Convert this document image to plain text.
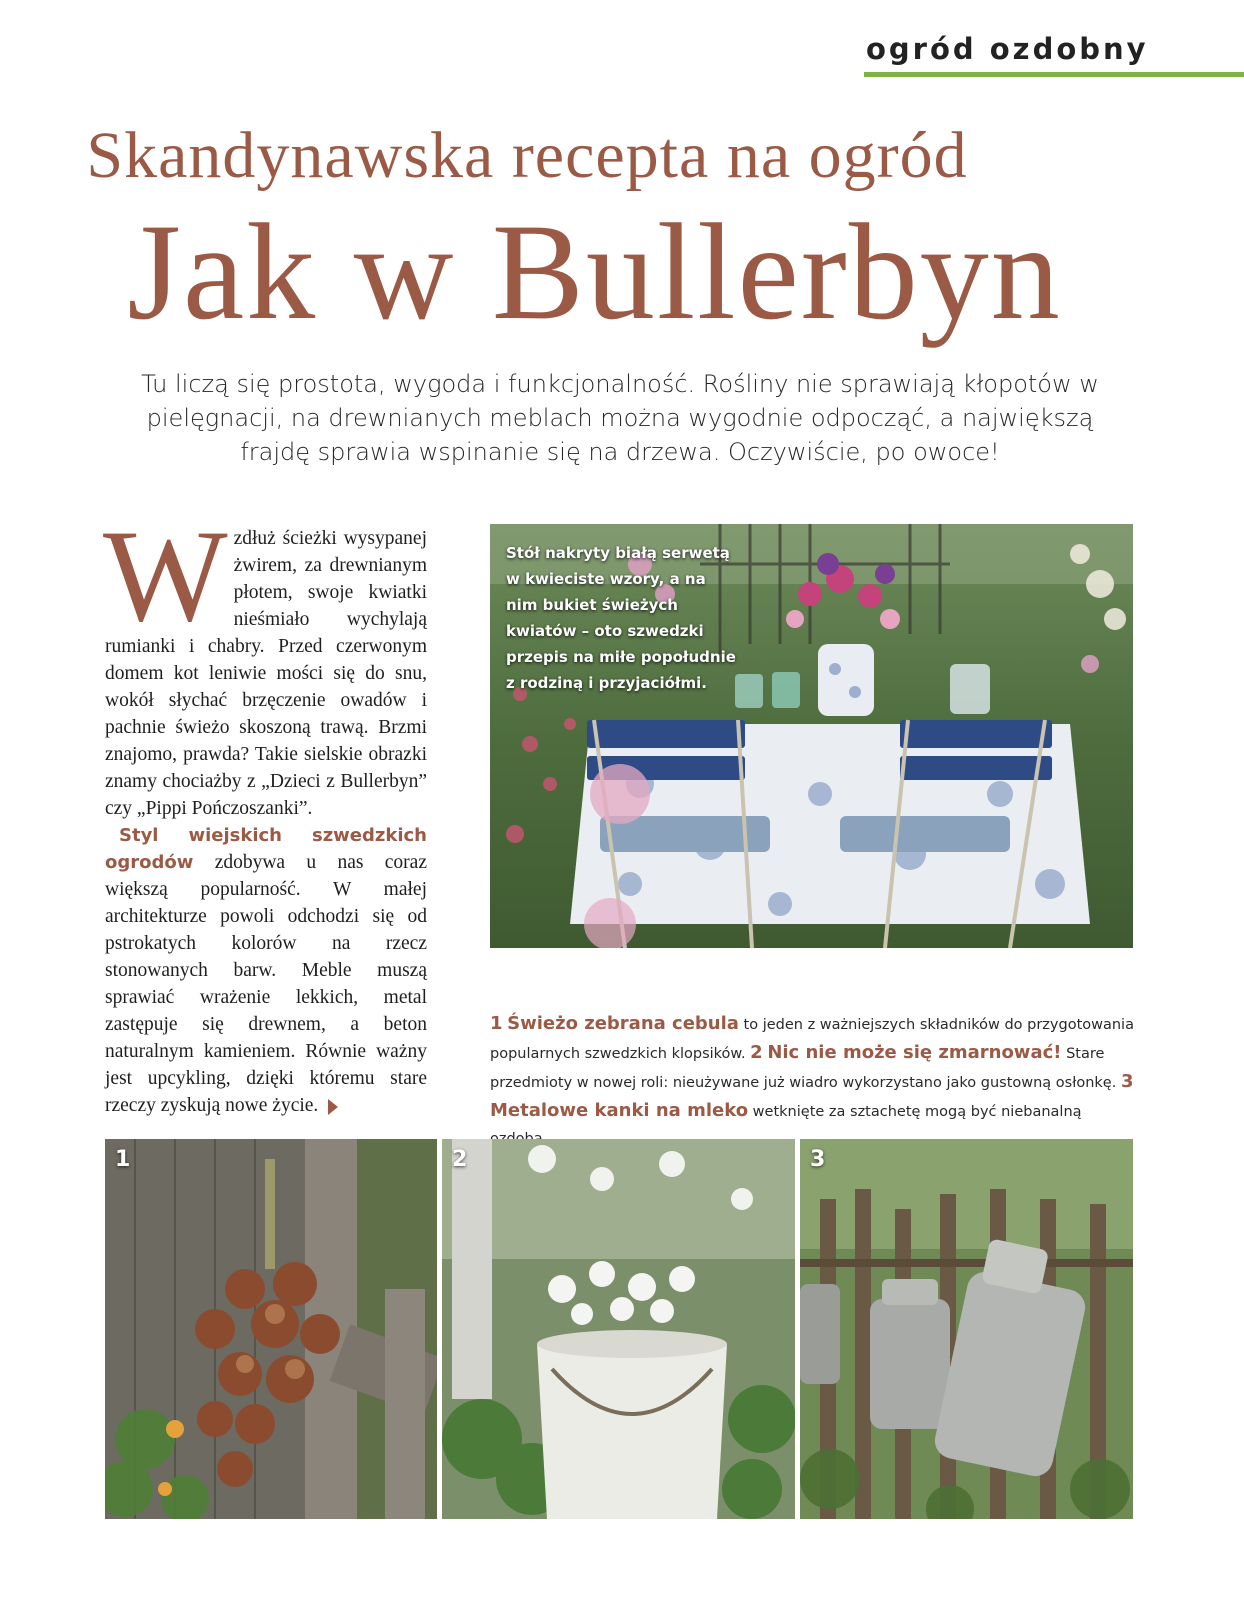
ogród ozdobny
Skandynawska recepta na ogród
Jak w Bullerbyn
Tu liczą się prostota, wygoda i funkcjonalność. Rośliny nie sprawiają kłopotów w pielęgnacji, na drewnianych meblach można wygodnie odpocząć, a największą frajdę sprawia wspinanie się na drzewa. Oczywiście, po owoce!
Wzdłuż ścieżki wysypanej żwirem, za drewnianym płotem, swoje kwiatki nieśmiało wychylają rumianki i chabry. Przed czerwonym domem kot leniwie mości się do snu, wokół słychać brzęczenie owadów i pachnie świeżo skoszoną trawą. Brzmi znajomo, prawda? Takie sielskie obrazki znamy chociażby z „Dzieci z Bullerbyn” czy „Pippi Pończoszanki”.
Styl wiejskich szwedzkich ogrodów zdobywa u nas coraz większą popularność. W małej architekturze powoli odchodzi się od pstrokatych kolorów na rzecz stonowanych barw. Meble muszą sprawiać wrażenie lekkich, metal zastępuje się drewnem, a beton naturalnym kamieniem. Równie ważny jest upcykling, dzięki któremu stare rzeczy zyskują nowe życie.
Stół nakryty białą serwetą w kwieciste wzory, a na nim bukiet świeżych kwiatów – oto szwedzki przepis na miłe popołudnie z rodziną i przyjaciółmi.
1 Świeżo zebrana cebula to jeden z ważniejszych składników do przygotowania popularnych szwedzkich klopsików. 2 Nic nie może się zmarnować! Stare przedmioty w nowej roli: nieużywane już wiadro wykorzystano jako gustowną osłonkę. 3 Metalowe kanki na mleko wetknięte za sztachetę mogą być niebanalną
1	2	3
